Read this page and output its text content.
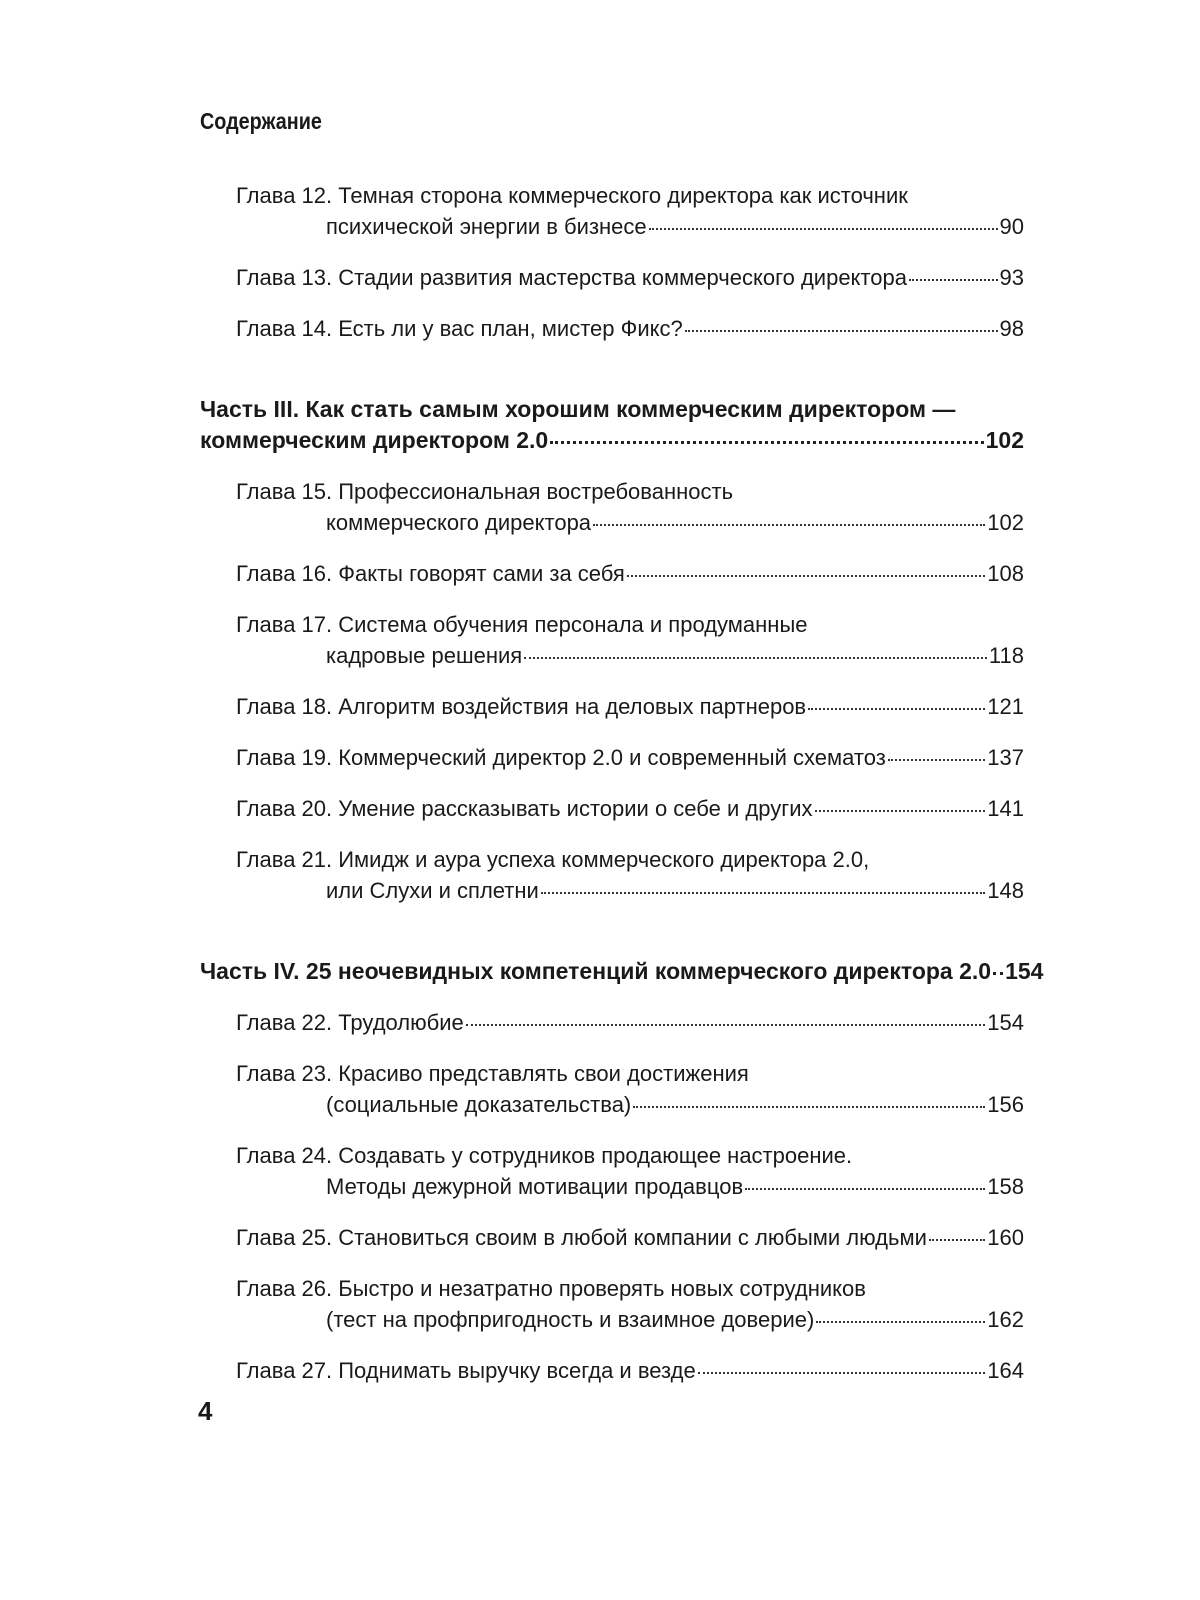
Содержание
Глава 12. Темная сторона коммерческого директора как источник
психической энергии в бизнесе	90
Глава 13. Стадии развития мастерства коммерческого директора	93
Глава 14. Есть ли у вас план, мистер Фикс?	98
Часть III. Как стать самым хорошим коммерческим директором —
коммерческим директором 2.0	102
Глава 15. Профессиональная востребованность
коммерческого директора	102
Глава 16. Факты говорят сами за себя	108
Глава 17. Система обучения персонала и продуманные
кадровые решения	118
Глава 18. Алгоритм воздействия на деловых партнеров	121
Глава 19. Коммерческий директор 2.0 и современный схематоз	137
Глава 20. Умение рассказывать истории о себе и других	141
Глава 21. Имидж и аура успеха коммерческого директора 2.0,
или Слухи и сплетни	148
Часть IV. 25 неочевидных компетенций коммерческого директора 2.0 154
Глава 22. Трудолюбие	154
Глава 23. Красиво представлять свои достижения
(социальные доказательства)	156
Глава 24. Создавать у сотрудников продающее настроение.
Методы дежурной мотивации продавцов	158
Глава 25. Становиться своим в любой компании с любыми людьми	160
Глава 26. Быстро и незатратно проверять новых сотрудников
(тест на профпригодность и взаимное доверие)	162
Глава 27. Поднимать выручку всегда и везде	164
4
